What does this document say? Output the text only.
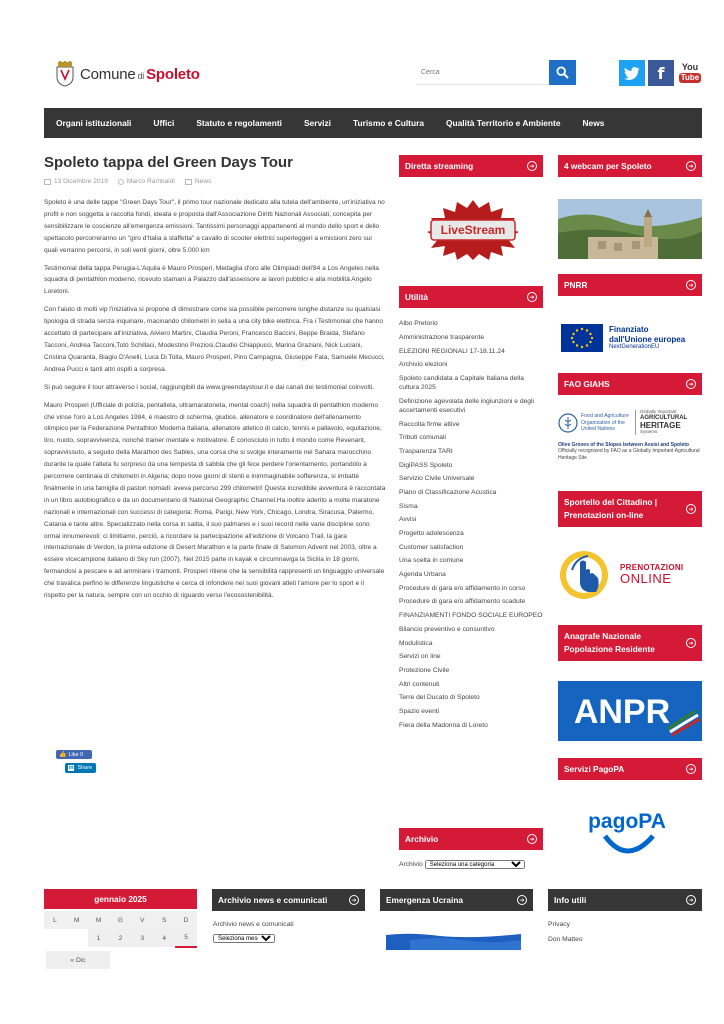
Comune di Spoleto
Cerca	f You
Tube
Organi istituzionali	Uffici	Statuto e regolamenti	Servizi	Turismo e Cultura	Qualità Territorio e Ambiente	News
Spoleto tappa del Green Days Tour
13 Dicembre 2019	Marco Rambaidi	News

Spoleto è una delle tappe "Green Days Tour", il primo tour nazionale dedicato alla tutela dell'ambiente, un'iniziativa no profit e non soggetta a raccolta fondi, ideata e proposta dall'Associazione Diritti Nazionali Associati, concepita per sensibilizzare le coscienze all'emergenza emissioni. Tantissimi personaggi appartenenti al mondo dello sport e dello spettacolo percorreranno un "giro d'Italia a staffetta" a cavallo di scooter elettrici superleggeri a emissioni zero sui quali verranno percorsi, in soli venti giorni, oltre 5.000 km

Testimonial della tappa Perugia-L'Aquila è Mauro Prosperi, Medaglia d'oro alle Olimpiadi dell'84 a Los Angeles nella squadra di pentathlon moderno, ricevuto stamani a Palazzo dall'assessore ai lavori pubblici e alla mobilità Angelo Loretoni.

Con l'aiuto di molti vip l'iniziativa si propone di dimostrare come sia possibile percorrere lunghe distanze su qualsiasi tipologia di strada senza inquinare, macinando chilometri in sella a una city bike elettrica. Fra i Testimonial che hanno accettato di partecipare all'iniziativa, Alviero Martini, Claudia Peroni, Francesco Baccini, Beppe Braida, Stefano Tacconi, Andrea Tacconi,Totò Schillaci, Modestino Preziosi,Claudio Chiappucci, Marina Graziani, Nick Luciani, Cristina Quaranta, Biagio D'Anelli, Luca Di Tolla, Mauro Prosperi, Pino Campagna, Giuseppe Fata, Samuele Mecucci, Andrea Pucci e tanti altri ospiti a sorpresa.

Si può seguire il tour attraverso i social, raggiungibili da www.greendaystour.it e dai canali dei testimonial coinvolti.

Mauro Prosperi (Ufficiale di polizia, pentatleta, ultramaratoneta, mental coach) nella squadra di pentathlon moderno che vinse l'oro a Los Angeles 1984, è maestro di scherma, giudice, allenatore e coordinatore dell'allenamento olimpico per la Federazione Pentathlon Moderna Italiana, allenatore atletico di calcio, tennis e pallavolo, equitazione, tiro, nuoto, sopravvivenza, nonché trainer mentale e motivatore. È conosciuto in tutto il mondo come Revenant, sopravvissuto, a seguito della Marathon des Sables, una corsa che si svolge interamente nel Sahara marocchino durante la quale l'atleta fu sorpreso da una tempesta di sabbia che gli fece perdere l'orientamento, portandolo a percorrere centinaia di chilometri in Algeria; dopo nove giorni di stenti e inimmaginabile sofferenza, si imbatté finalmente in una famiglia di pastori nomadi: aveva percorso 299 chilometri! Questa incredibile avventura è raccontata in un libro autobiografico e da un documentario di National Geographic Channel.Ha inoltre aderito a molte maratone nazionali e internazionali con successi di categoria: Roma, Parigi, New York, Chicago, Londra, Siracusa, Palermo, Catania e tante altre. Specializzato nella corsa in salita, il suo palmares e i suoi record nelle varie discipline sono ormai innumerevoli: ci limitiamo, perciò, a ricordare la partecipazione all'edizione di Volcano Trail, la gara internazionale di Verdon, la prima edizione di Desert Marathon e la parte finale di Salomon Advent nel 2003, oltre a essere vicecampione italiano di Sky run (2007). Nel 2015 parte in kayak e circumnaviga la Sicilia in 18 giorni, fermandosi a pescare e ad ammirare i tramonti. Prosperi ritiene che la sensibilità rappresenti un linguaggio universale che travalica perfino le differenze linguistiche e cerca di infondere nei suoi giovani atleti l'amore per lo sport e il rispetto per la natura, sempre con un occhio di riguardo verso l'ecosostenibilità.

👍 Like 0
in Share
Diretta streaming	➔
LiveStream
Utilità	➔
Albo Pretorio
Amministrazione trasparente
ELEZIONI REGIONALI 17-18.11.24
Archivio elezioni
Spoleto candidata a Capitale Italiana della cultura 2025
Definizione agevolata delle ingiunzioni e degli accertamenti esecutivi
Raccolta firme attive
Tributi comunali
Trasparenza TARI
DigiPASS Spoleto
Servizio Civile Universale
Piano di Classificazione Acustica
Sisma
Avvisi
Progetto adolescenza
Customer satisfaction
Una scelta in comune
Agenda Urbana
Procedure di gara e/o affidamento in corso
Procedure di gara e/o affidamento scadute
FINANZIAMENTI FONDO SOCIALE EUROPEO
Bilancio preventivo e consuntivo
Modulistica
Servizi on line
Protezione Civile
Altri contenuti
Terre del Ducato di Spoleto
Spazio eventi
Fiera della Madonna di Loreto
Archivio	➔
Archivio
Seleziona una categoria
4 webcam per Spoleto	➔
PNRR	➔
Finanziato
dall'Unione europea
NextGenerationEU
FAO GIAHS	➔
Food and Agriculture Organization of the United Nations
Globally Important
AGRICULTURAL
HERITAGE
Systems
Olive Groves of the Slopes between Assisi and Spoleto
Officially recognized by FAO as a Globally Important Agricultural Heritage Site
Sportello del Cittadino | Prenotazioni on-line
➔
PRENOTAZIONI
ONLINE
Anagrafe Nazionale Popolazione Residente
➔
ANPR
Servizi PagoPA	➔
pagoPA
gennaio 2025
L	M	M	G	V	S	D
		1	2	3	4	5
« Dic
Archivio news e comunicati	➔
Archivio news e comunicati
Seleziona mese
Emergenza Ucraina	➔	Info utili	➔
Privacy
Don Matteo
